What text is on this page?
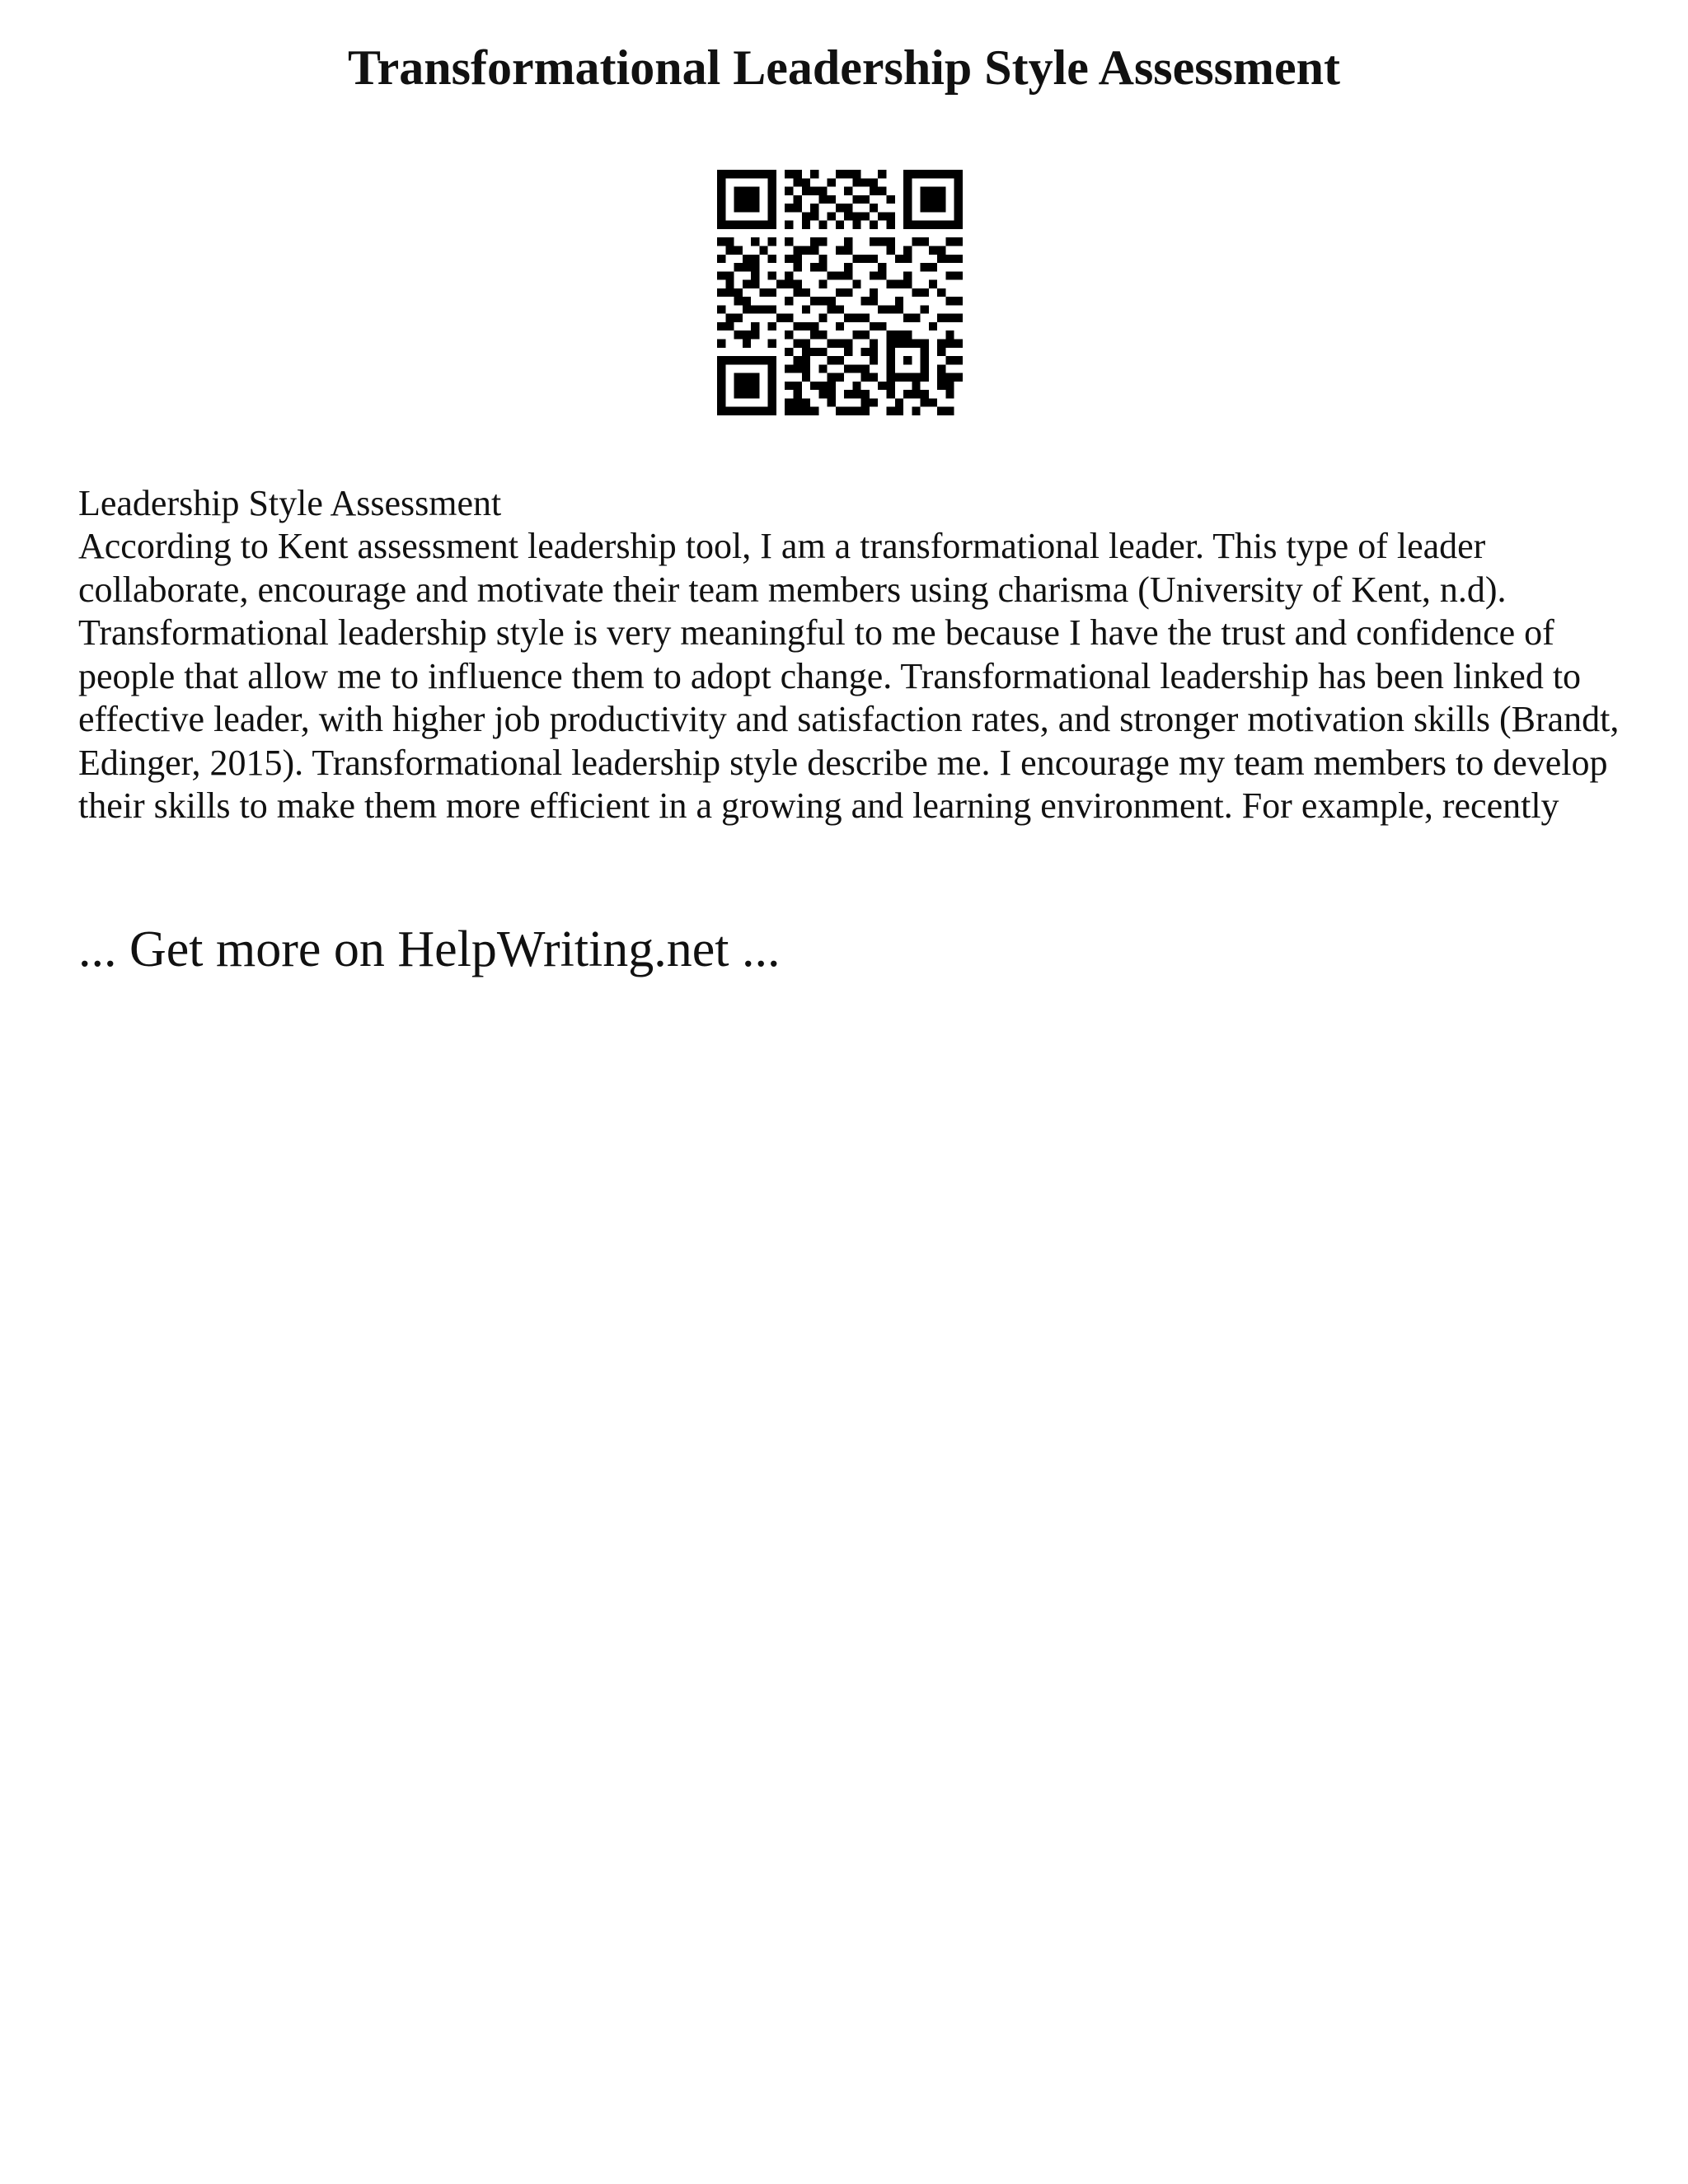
Transformational Leadership Style Assessment

Leadership Style Assessment

According to Kent assessment leadership tool, I am a transformational leader. This type of leader collaborate, encourage and motivate their team members using charisma (University of Kent, n.d). Transformational leadership style is very meaningful to me because I have the trust and confidence of people that allow me to influence them to adopt change. Transformational leadership has been linked to effective leader, with higher job productivity and satisfaction rates, and stronger motivation skills (Brandt, Edinger, 2015). Transformational leadership style describe me. I encourage my team members to develop their skills to make them more efficient in a growing and learning environment. For example, recently

... Get more on HelpWriting.net ...
